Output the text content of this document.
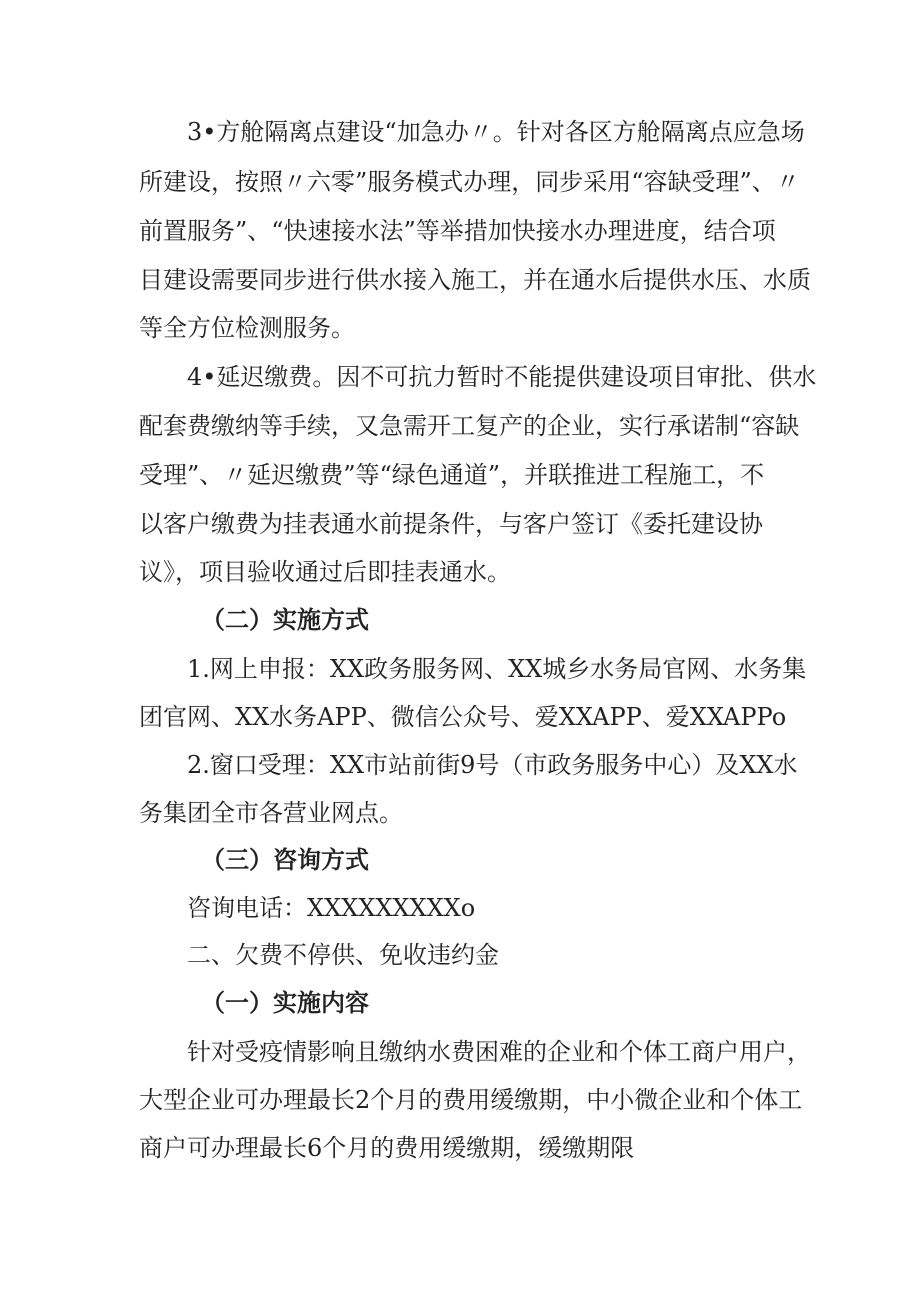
3•方舱隔离点建设“加急办〃。针对各区方舱隔离点应急场
所建设，按照〃六零”服务模式办理，同步采用“容缺受理”、〃
前置服务”、“快速接水法”等举措加快接水办理进度，结合项
目建设需要同步进行供水接入施工，并在通水后提供水压、水质
等全方位检测服务。
4•延迟缴费。因不可抗力暂时不能提供建设项目审批、供水
配套费缴纳等手续，又急需开工复产的企业，实行承诺制“容缺
受理”、〃延迟缴费”等“绿色通道”，并联推进工程施工，不
以客户缴费为挂表通水前提条件，与客户签订《委托建设协
议》，项目验收通过后即挂表通水。
（二）实施方式
1.网上申报：XX政务服务网、XX城乡水务局官网、水务集
团官网、XX水务APP、微信公众号、爱XXAPP、爱XXAPPo
2.窗口受理：XX市站前街9号（市政务服务中心）及XX水
务集团全市各营业网点。
（三）咨询方式
咨询电话：XXXXXXXXXo
二、欠费不停供、免收违约金
（一）实施内容
针对受疫情影响且缴纳水费困难的企业和个体工商户用户，
大型企业可办理最长2个月的费用缓缴期，中小微企业和个体工
商户可办理最长6个月的费用缓缴期，缓缴期限
